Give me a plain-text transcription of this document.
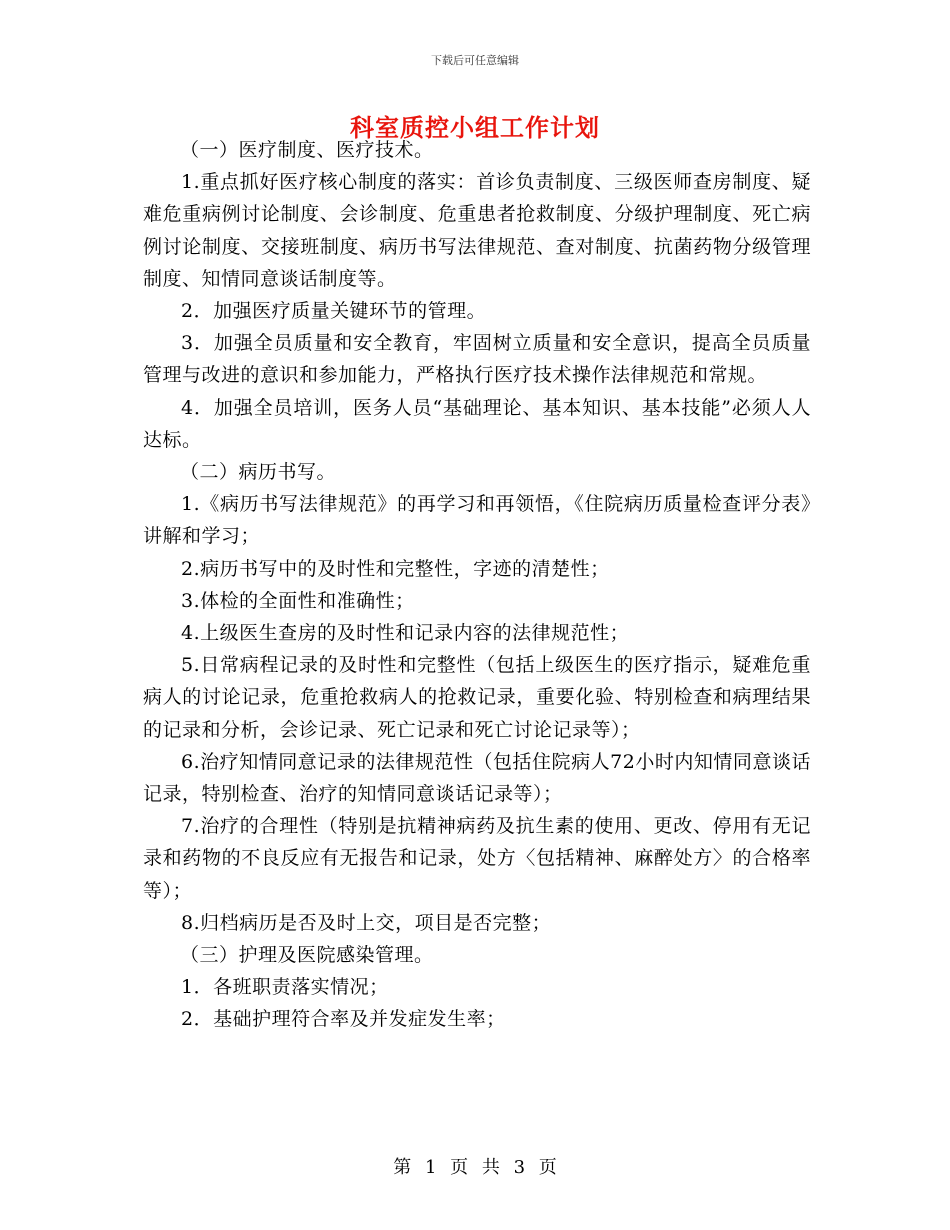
下载后可任意编辑
科室质控小组工作计划

（一）医疗制度、医疗技术。

1.重点抓好医疗核心制度的落实：首诊负责制度、三级医师查房制度、疑难危重病例讨论制度、会诊制度、危重患者抢救制度、分级护理制度、死亡病例讨论制度、交接班制度、病历书写法律规范、查对制度、抗菌药物分级管理制度、知情同意谈话制度等。

2．加强医疗质量关键环节的管理。

3．加强全员质量和安全教育，牢固树立质量和安全意识，提高全员质量管理与改进的意识和参加能力，严格执行医疗技术操作法律规范和常规。

4．加强全员培训，医务人员“基础理论、基本知识、基本技能”必须人人达标。

（二）病历书写。

1.《病历书写法律规范》的再学习和再领悟，《住院病历质量检查评分表》讲解和学习；

2.病历书写中的及时性和完整性，字迹的清楚性；

3.体检的全面性和准确性；

4.上级医生查房的及时性和记录内容的法律规范性；

5.日常病程记录的及时性和完整性（包括上级医生的医疗指示，疑难危重病人的讨论记录，危重抢救病人的抢救记录，重要化验、特别检查和病理结果的记录和分析，会诊记录、死亡记录和死亡讨论记录等）；

6.治疗知情同意记录的法律规范性（包括住院病人72小时内知情同意谈话记录，特别检查、治疗的知情同意谈话记录等）；

7.治疗的合理性（特别是抗精神病药及抗生素的使用、更改、停用有无记录和药物的不良反应有无报告和记录，处方〈包括精神、麻醉处方〉的合格率等）；

8.归档病历是否及时上交，项目是否完整；

（三）护理及医院感染管理。

1．各班职责落实情况；

2．基础护理符合率及并发症发生率；

第 1 页 共 3 页
